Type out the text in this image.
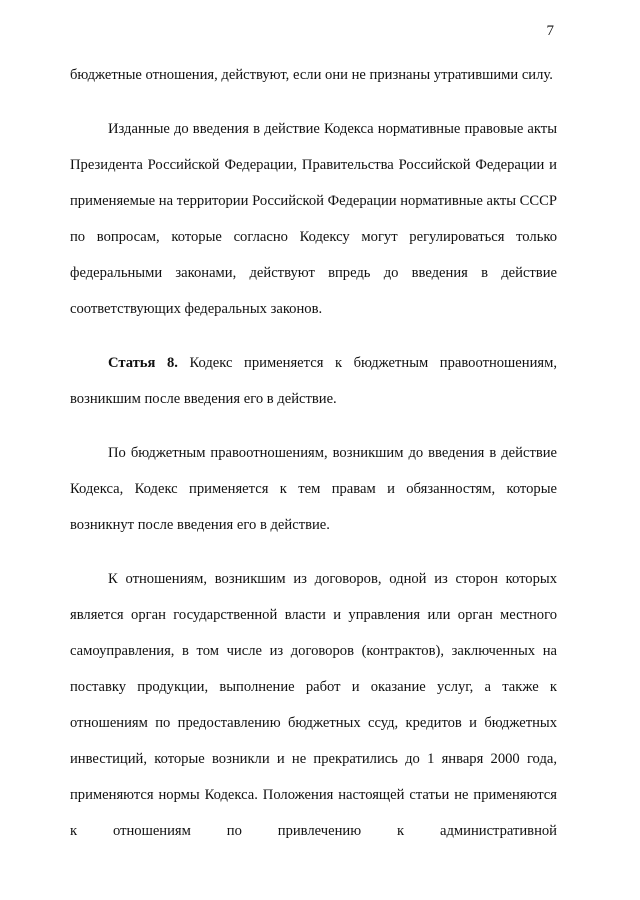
7

бюджетные отношения, действуют, если они не признаны утратившими силу.

Изданные до введения в действие Кодекса нормативные правовые акты Президента Российской Федерации, Правительства Российской Федерации и применяемые на территории Российской Федерации нормативные акты СССР по вопросам, которые согласно Кодексу могут регулироваться только федеральными законами, действуют впредь до введения в действие соответствующих федеральных законов.

Статья 8. Кодекс применяется к бюджетным правоотношениям, возникшим после введения его в действие.

По бюджетным правоотношениям, возникшим до введения в действие Кодекса, Кодекс применяется к тем правам и обязанностям, которые возникнут после введения его в действие.

К отношениям, возникшим из договоров, одной из сторон которых является орган государственной власти и управления или орган местного самоуправления, в том числе из договоров (контрактов), заключенных на поставку продукции, выполнение работ и оказание услуг, а также к отношениям по предоставлению бюджетных ссуд, кредитов и бюджетных инвестиций, которые возникли и не прекратились до 1 января 2000 года, применяются нормы Кодекса. Положения настоящей статьи не применяются к отношениям по привлечению к административной
